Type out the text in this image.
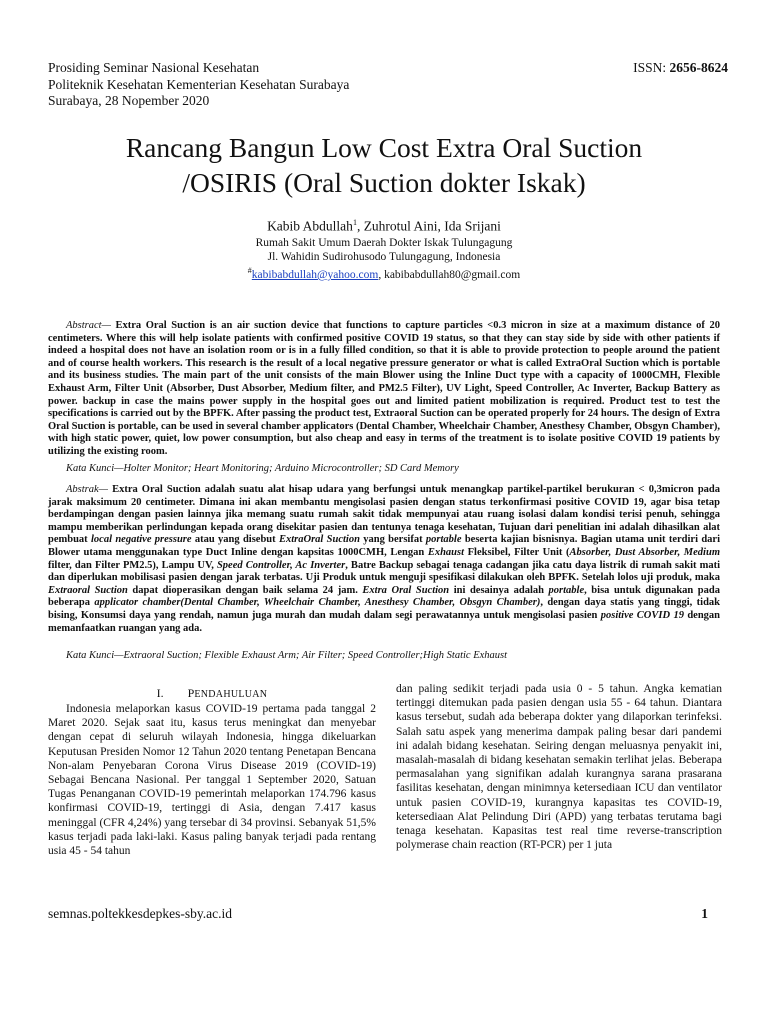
Prosiding Seminar Nasional Kesehatan
Politeknik Kesehatan Kementerian Kesehatan Surabaya
Surabaya, 28 Nopember 2020
ISSN: 2656-8624
Rancang Bangun Low Cost Extra Oral Suction
/OSIRIS (Oral Suction dokter Iskak)
Kabib Abdullah$^1$, Zuhrotul Aini, Ida Srijani
Rumah Sakit Umum Daerah Dokter Iskak Tulungagung
Jl. Wahidin Sudirohusodo Tulungagung, Indonesia
#kabibabdullah@yahoo.com, kabibabdullah80@gmail.com
Abstract— Extra Oral Suction is an air suction device that functions to capture particles <0.3 micron in size at a maximum distance of 20 centimeters. Where this will help isolate patients with confirmed positive COVID 19 status, so that they can stay side by side with other patients if indeed a hospital does not have an isolation room or is in a fully filled condition, so that it is able to provide protection to people around the patient and of course health workers. This research is the result of a local negative pressure generator or what is called ExtraOral Suction which is portable and its business studies. The main part of the unit consists of the main Blower using the Inline Duct type with a capacity of 1000CMH, Flexible Exhaust Arm, Filter Unit (Absorber, Dust Absorber, Medium filter, and PM2.5 Filter), UV Light, Speed Controller, Ac Inverter, Backup Battery as power. backup in case the mains power supply in the hospital goes out and limited patient mobilization is required. Product test to test the specifications is carried out by the BPFK. After passing the product test, Extraoral Suction can be operated properly for 24 hours. The design of Extra Oral Suction is portable, can be used in several chamber applicators (Dental Chamber, Wheelchair Chamber, Anesthesy Chamber, Obsgyn Chamber), with high static power, quiet, low power consumption, but also cheap and easy in terms of the treatment is to isolate positive COVID 19 patients by utilizing the existing room.
Kata Kunci—Holter Monitor; Heart Monitoring; Arduino Microcontroller; SD Card Memory
Abstrak— Extra Oral Suction adalah suatu alat hisap udara yang berfungsi untuk menangkap partikel-partikel berukuran < 0,3micron pada jarak maksimum 20 centimeter. Dimana ini akan membantu mengisolasi pasien dengan status terkonfirmasi positive COVID 19, agar bisa tetap berdampingan dengan pasien lainnya jika memang suatu rumah sakit tidak mempunyai atau ruang isolasi dalam kondisi terisi penuh, sehingga mampu memberikan perlindungan kepada orang disekitar pasien dan tentunya tenaga kesehatan, Tujuan dari penelitian ini adalah dihasilkan alat pembuat local negative pressure atau yang disebut ExtraOral Suction yang bersifat portable beserta kajian bisnisnya. Bagian utama unit terdiri dari Blower utama menggunakan type Duct Inline dengan kapsitas 1000CMH, Lengan Exhaust Fleksibel, Filter Unit (Absorber, Dust Absorber, Medium filter, dan Filter PM2.5), Lampu UV, Speed Controller, Ac Inverter, Batre Backup sebagai tenaga cadangan jika catu daya listrik di rumah sakit mati dan diperlukan mobilisasi pasien dengan jarak terbatas. Uji Produk untuk menguji spesifikasi dilakukan oleh BPFK. Setelah lolos uji produk, maka Extraoral Suction dapat dioperasikan dengan baik selama 24 jam. Extra Oral Suction ini desainya adalah portable, bisa untuk digunakan pada beberapa applicator chamber(Dental Chamber, Wheelchair Chamber, Anesthesy Chamber, Obsgyn Chamber), dengan daya statis yang tinggi, tidak bising, Konsumsi daya yang rendah, namun juga murah dan mudah dalam segi perawatannya untuk mengisolasi pasien positive COVID 19 dengan memanfaatkan ruangan yang ada.
Kata Kunci—Extraoral Suction; Flexible Exhaust Arm; Air Filter; Speed Controller;High Static Exhaust
I. PENDAHULUAN
Indonesia melaporkan kasus COVID-19 pertama pada tanggal 2 Maret 2020. Sejak saat itu, kasus terus meningkat dan menyebar dengan cepat di seluruh wilayah Indonesia, hingga dikeluarkan Keputusan Presiden Nomor 12 Tahun 2020 tentang Penetapan Bencana Non-alam Penyebaran Corona Virus Disease 2019 (COVID-19) Sebagai Bencana Nasional. Per tanggal 1 September 2020, Satuan Tugas Penanganan COVID-19 pemerintah melaporkan 174.796 kasus konfirmasi COVID-19, tertinggi di Asia, dengan 7.417 kasus meninggal (CFR 4,24%) yang tersebar di 34 provinsi. Sebanyak 51,5% kasus terjadi pada laki-laki. Kasus paling banyak terjadi pada rentang usia 45 - 54 tahun
dan paling sedikit terjadi pada usia 0 - 5 tahun. Angka kematian tertinggi ditemukan pada pasien dengan usia 55 - 64 tahun. Diantara kasus tersebut, sudah ada beberapa dokter yang dilaporkan terinfeksi. Salah satu aspek yang menerima dampak paling besar dari pandemi ini adalah bidang kesehatan. Seiring dengan meluasnya penyakit ini, masalah-masalah di bidang kesehatan semakin terlihat jelas. Beberapa permasalahan yang signifikan adalah kurangnya sarana prasarana fasilitas kesehatan, dengan minimnya ketersediaan ICU dan ventilator untuk pasien COVID-19, kurangnya kapasitas tes COVID-19, ketersediaan Alat Pelindung Diri (APD) yang terbatas terutama bagi tenaga kesehatan. Kapasitas test real time reverse-transcription polymerase chain reaction (RT-PCR) per 1 juta
semnas.poltekkesdepkes-sby.ac.id	1
